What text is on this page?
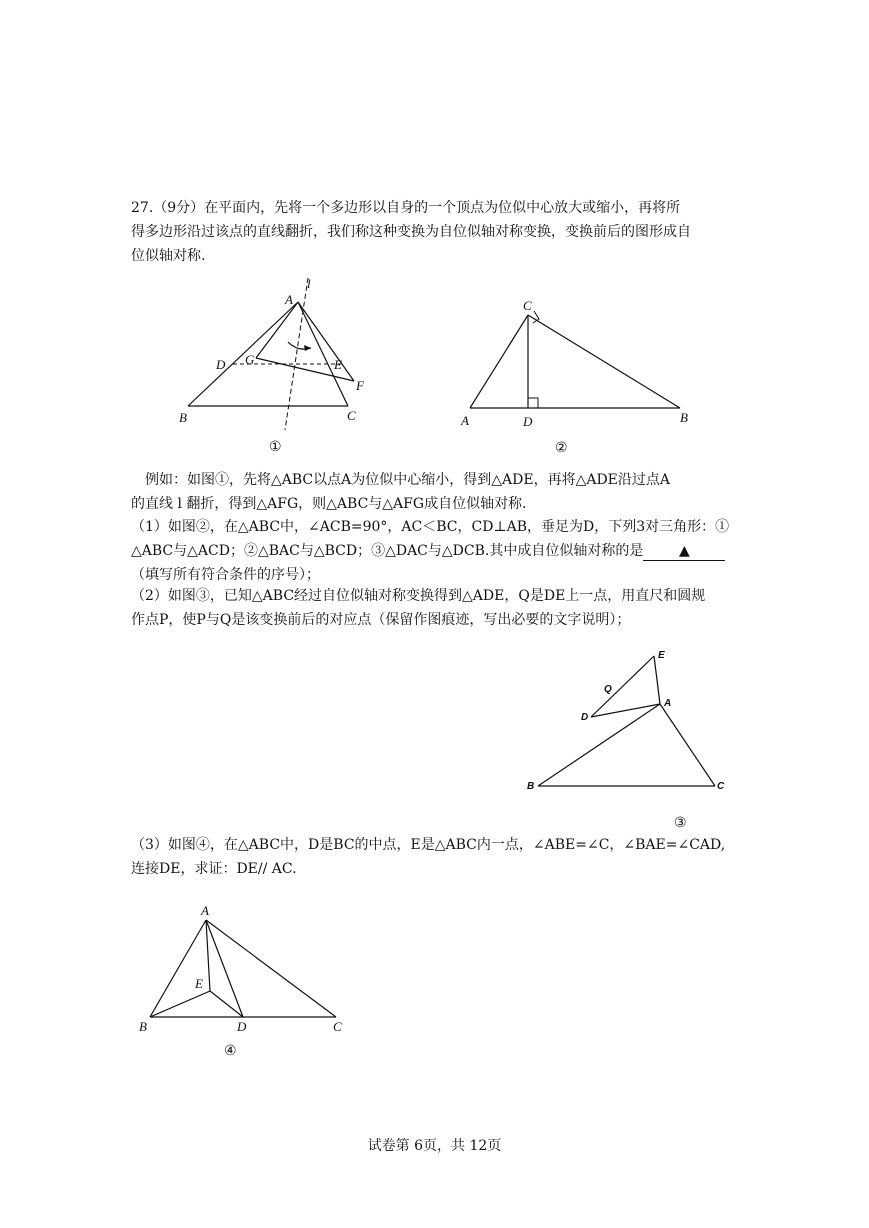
27.（9分）在平面内，先将一个多边形以自身的一个顶点为位似中心放大或缩小，再将所
得多边形沿过该点的直线翻折，我们称这种变换为自位似轴对称变换，变换前后的图形成自
位似轴对称.
A
l
D G	E
F
B	C
①
C
A	D	B
②
　例如：如图①，先将△ABC以点A为位似中心缩小，得到△ADE，再将△ADE沿过点A
的直线 l 翻折，得到△AFG，则△ABC与△AFG成自位似轴对称.
（1）如图②，在△ABC中，∠ACB=90°，AC＜BC，CD⊥AB，垂足为D，下列3对三角形：①
△ABC与△ACD；②△BAC与△BCD；③△DAC与△DCB.其中成自位似轴对称的是	▲
（填写所有符合条件的序号）；
（2）如图③，已知△ABC经过自位似轴对称变换得到△ADE，Q是DE上一点，用直尺和圆规
作点P，使P与Q是该变换前后的对应点（保留作图痕迹，写出必要的文字说明）；
E
Q
D
A
B	C
③
（3）如图④，在△ABC中，D是BC的中点，E是△ABC内一点，∠ABE=∠C，∠BAE=∠CAD,
连接DE，求证：DE// AC.
A
E
B	D	C
④
试卷第 6页，共 12页
